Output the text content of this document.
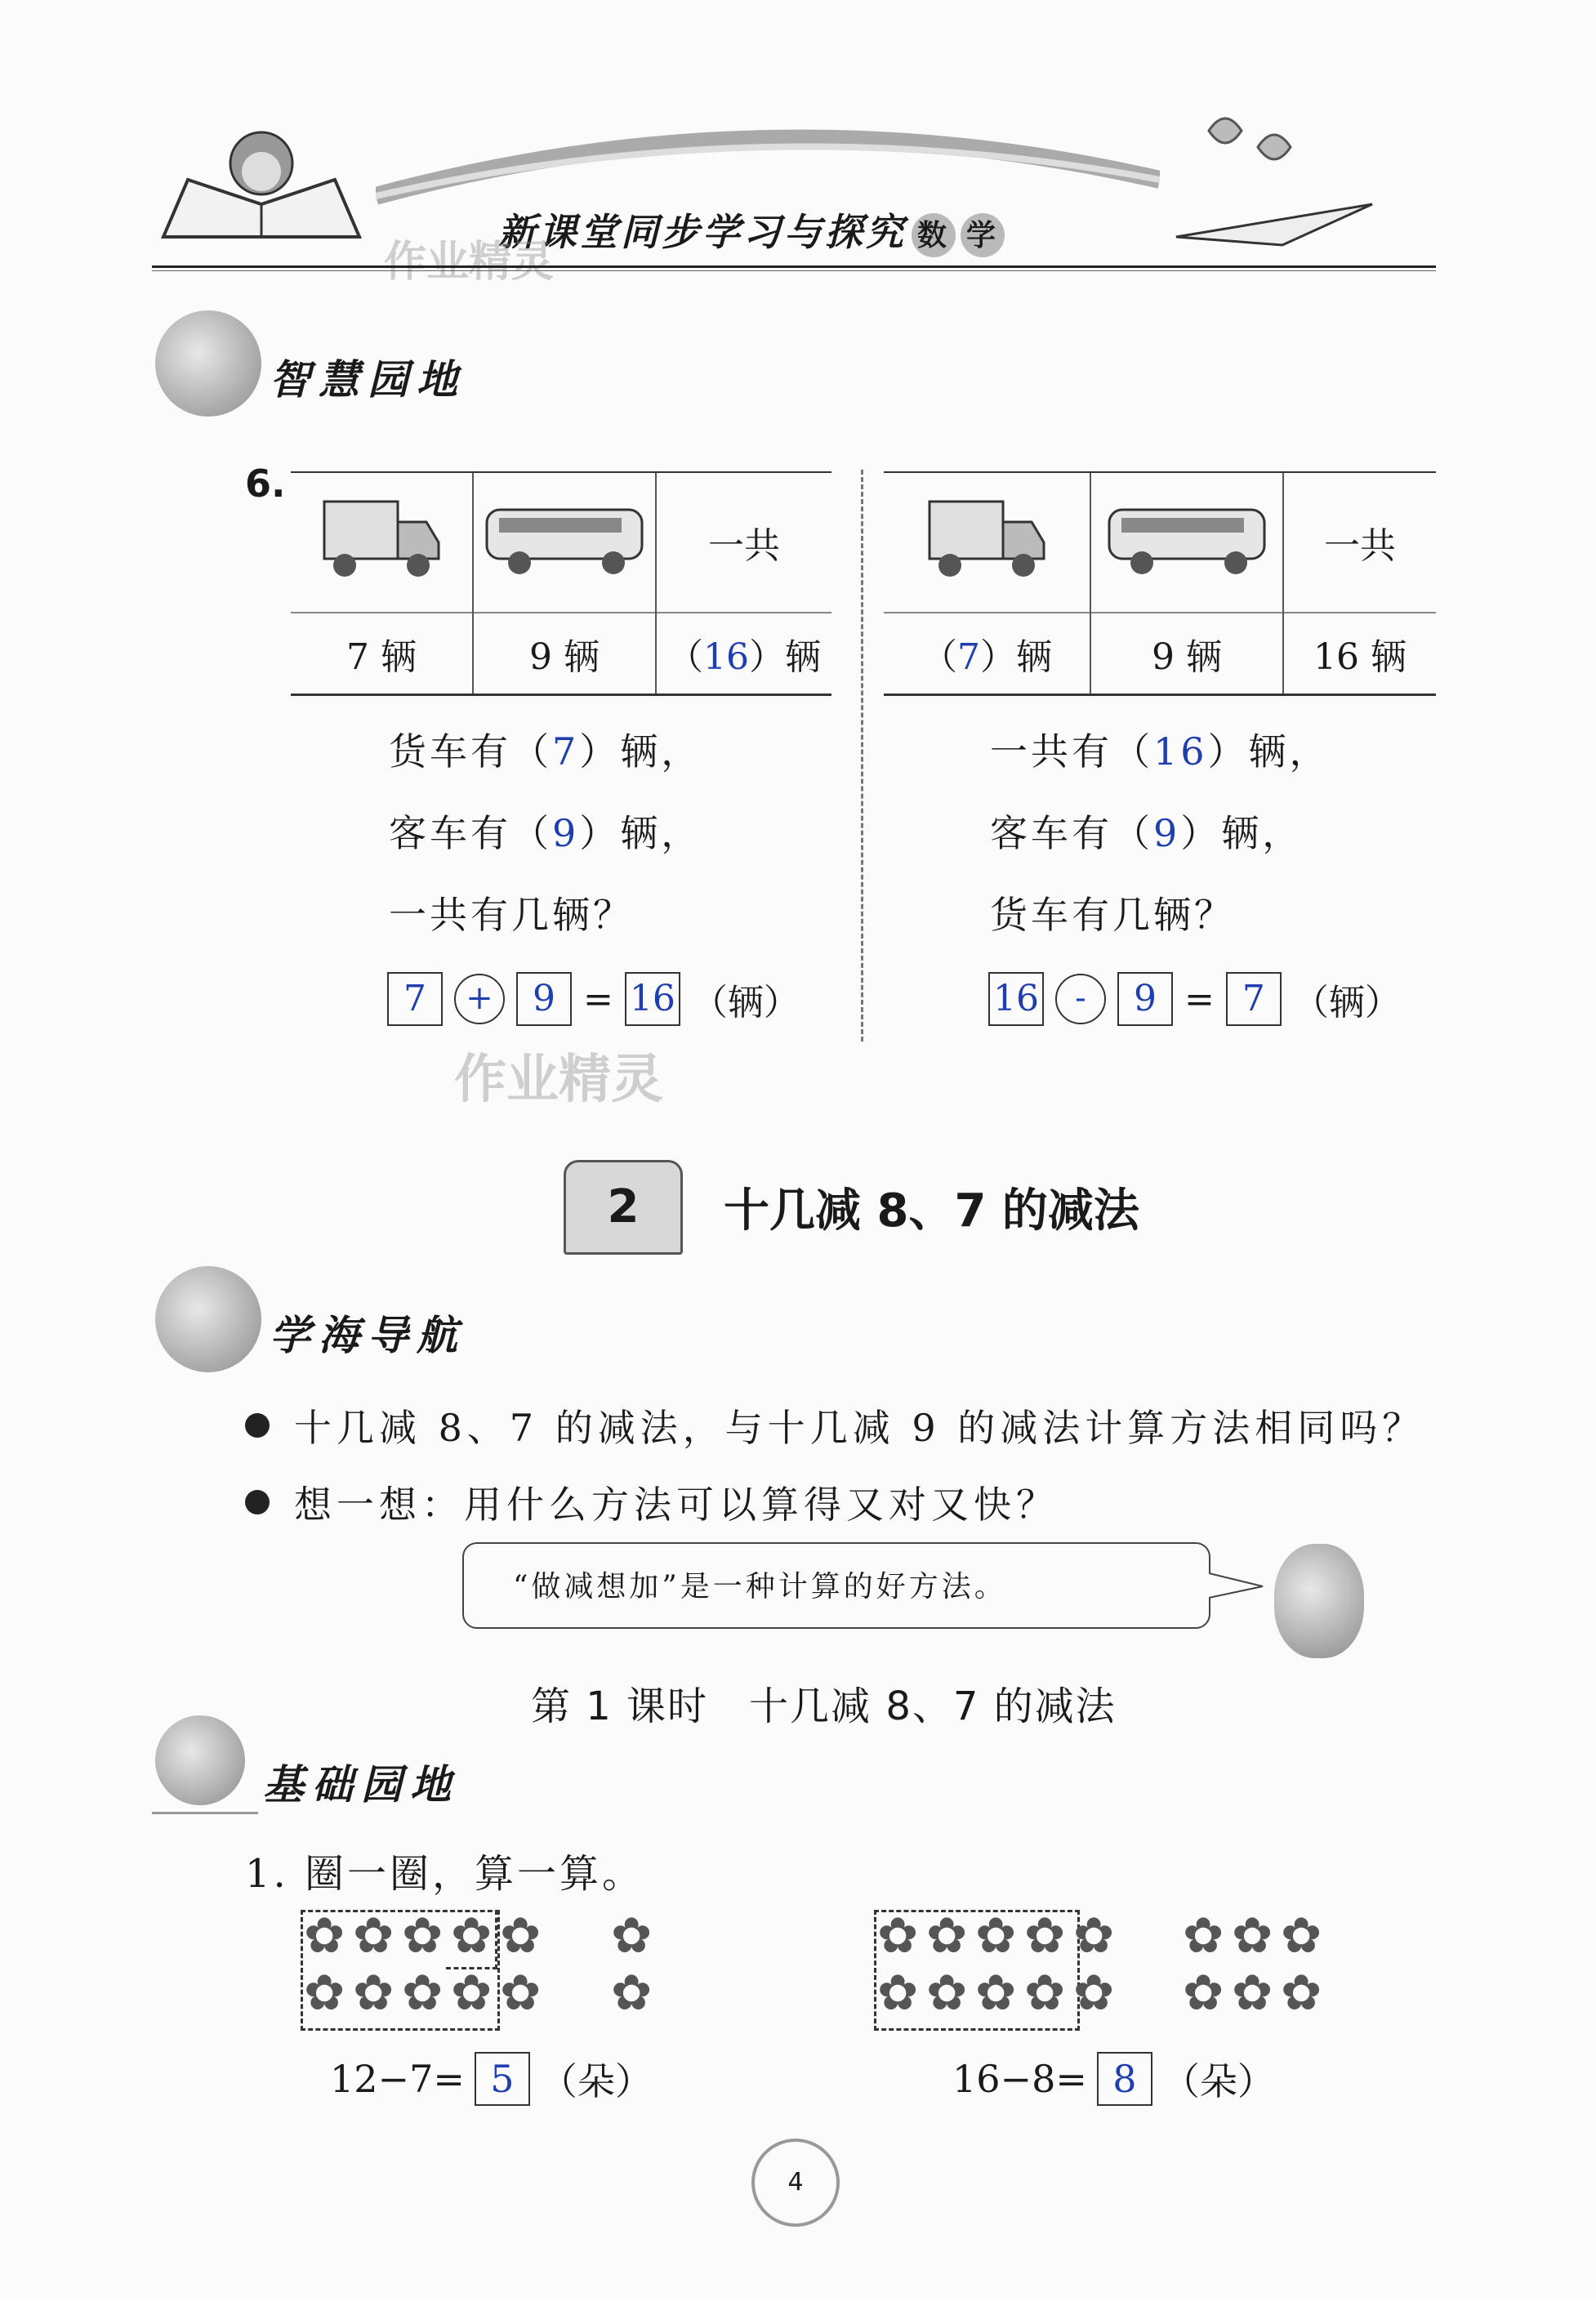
新课堂同步学习与探究 数 学
作业精灵
智慧园地
6.
		一共
7 辆	9 辆	（16）辆
		一共
（7）辆	9 辆	16 辆
货车有（7）辆，
客车有（9）辆，
一共有几辆？
7	+	9 = 16 （辆）
一共有（16）辆，
客车有（9）辆，
货车有几辆？
16	-	9 = 7 （辆）
作业精灵
2	十几减 8、7 的减法
学海导航
十几减 8、7 的减法，与十几减 9 的减法计算方法相同吗？
想一想：用什么方法可以算得又对又快？
“做减想加”是一种计算的好方法。
第 1 课时　十几减 8、7 的减法
基础园地
1. 圈一圈，算一算。
✿ ✿ ✿ ✿ ✿
✿ ✿ ✿ ✿ ✿
✿
✿
12−7= 5 （朵）
✿ ✿ ✿ ✿ ✿
✿ ✿ ✿ ✿ ✿
✿ ✿ ✿
✿ ✿ ✿
16−8= 8 （朵）
4
